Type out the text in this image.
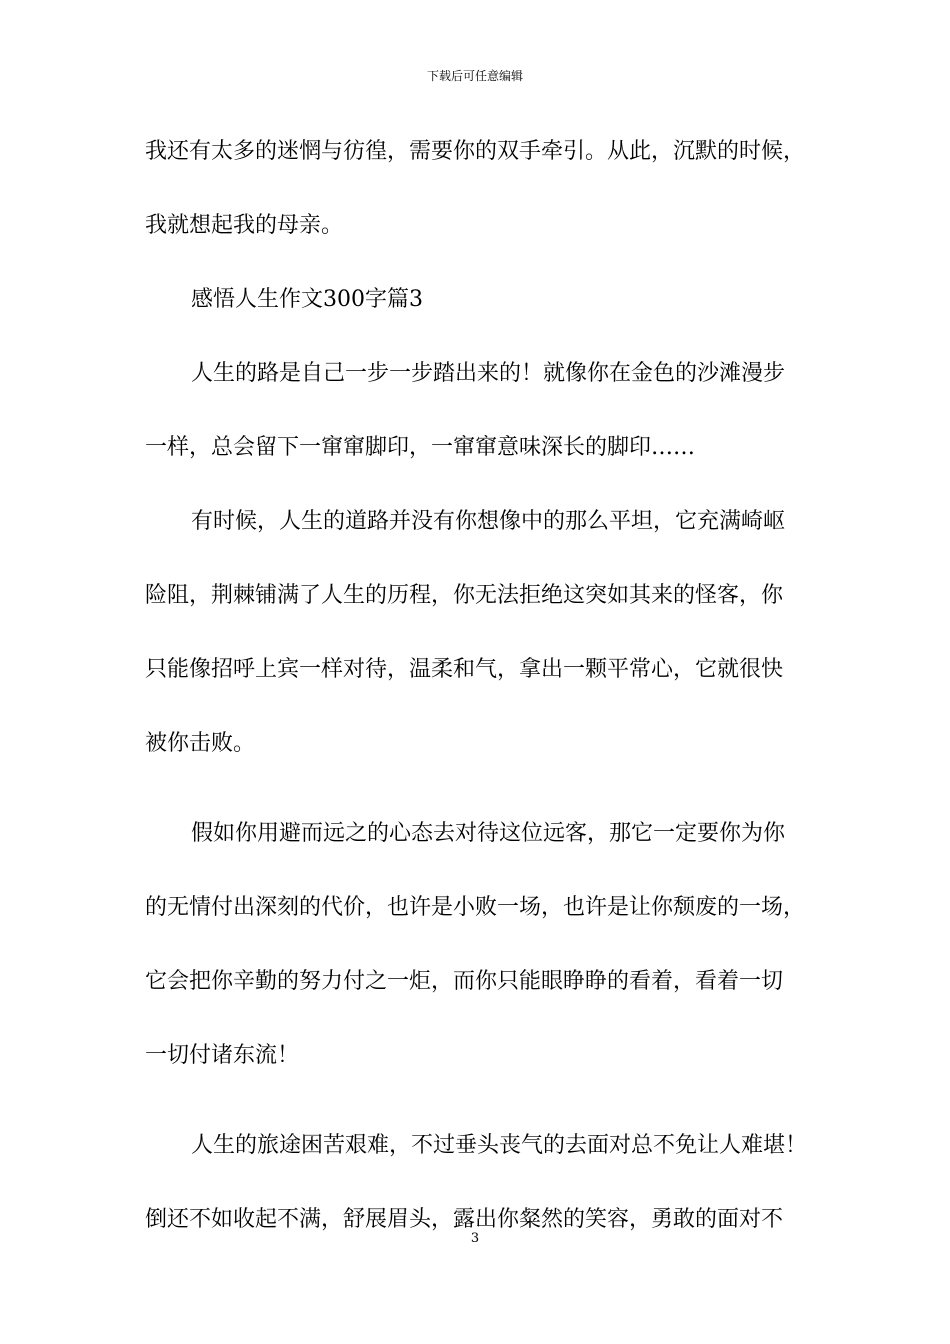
下载后可任意编辑
我还有太多的迷惘与彷徨，需要你的双手牵引。从此，沉默的时候，
我就想起我的母亲。
感悟人生作文300字篇3
人生的路是自己一步一步踏出来的！就像你在金色的沙滩漫步
一样，总会留下一窜窜脚印，一窜窜意味深长的脚印……
有时候，人生的道路并没有你想像中的那么平坦，它充满崎岖
险阻，荆棘铺满了人生的历程，你无法拒绝这突如其来的怪客，你
只能像招呼上宾一样对待，温柔和气，拿出一颗平常心，它就很快
被你击败。
假如你用避而远之的心态去对待这位远客，那它一定要你为你
的无情付出深刻的代价，也许是小败一场，也许是让你颓废的一场，
它会把你辛勤的努力付之一炬，而你只能眼睁睁的看着，看着一切
一切付诸东流！
人生的旅途困苦艰难，不过垂头丧气的去面对总不免让人难堪！
倒还不如收起不满，舒展眉头，露出你粲然的笑容，勇敢的面对不
3
